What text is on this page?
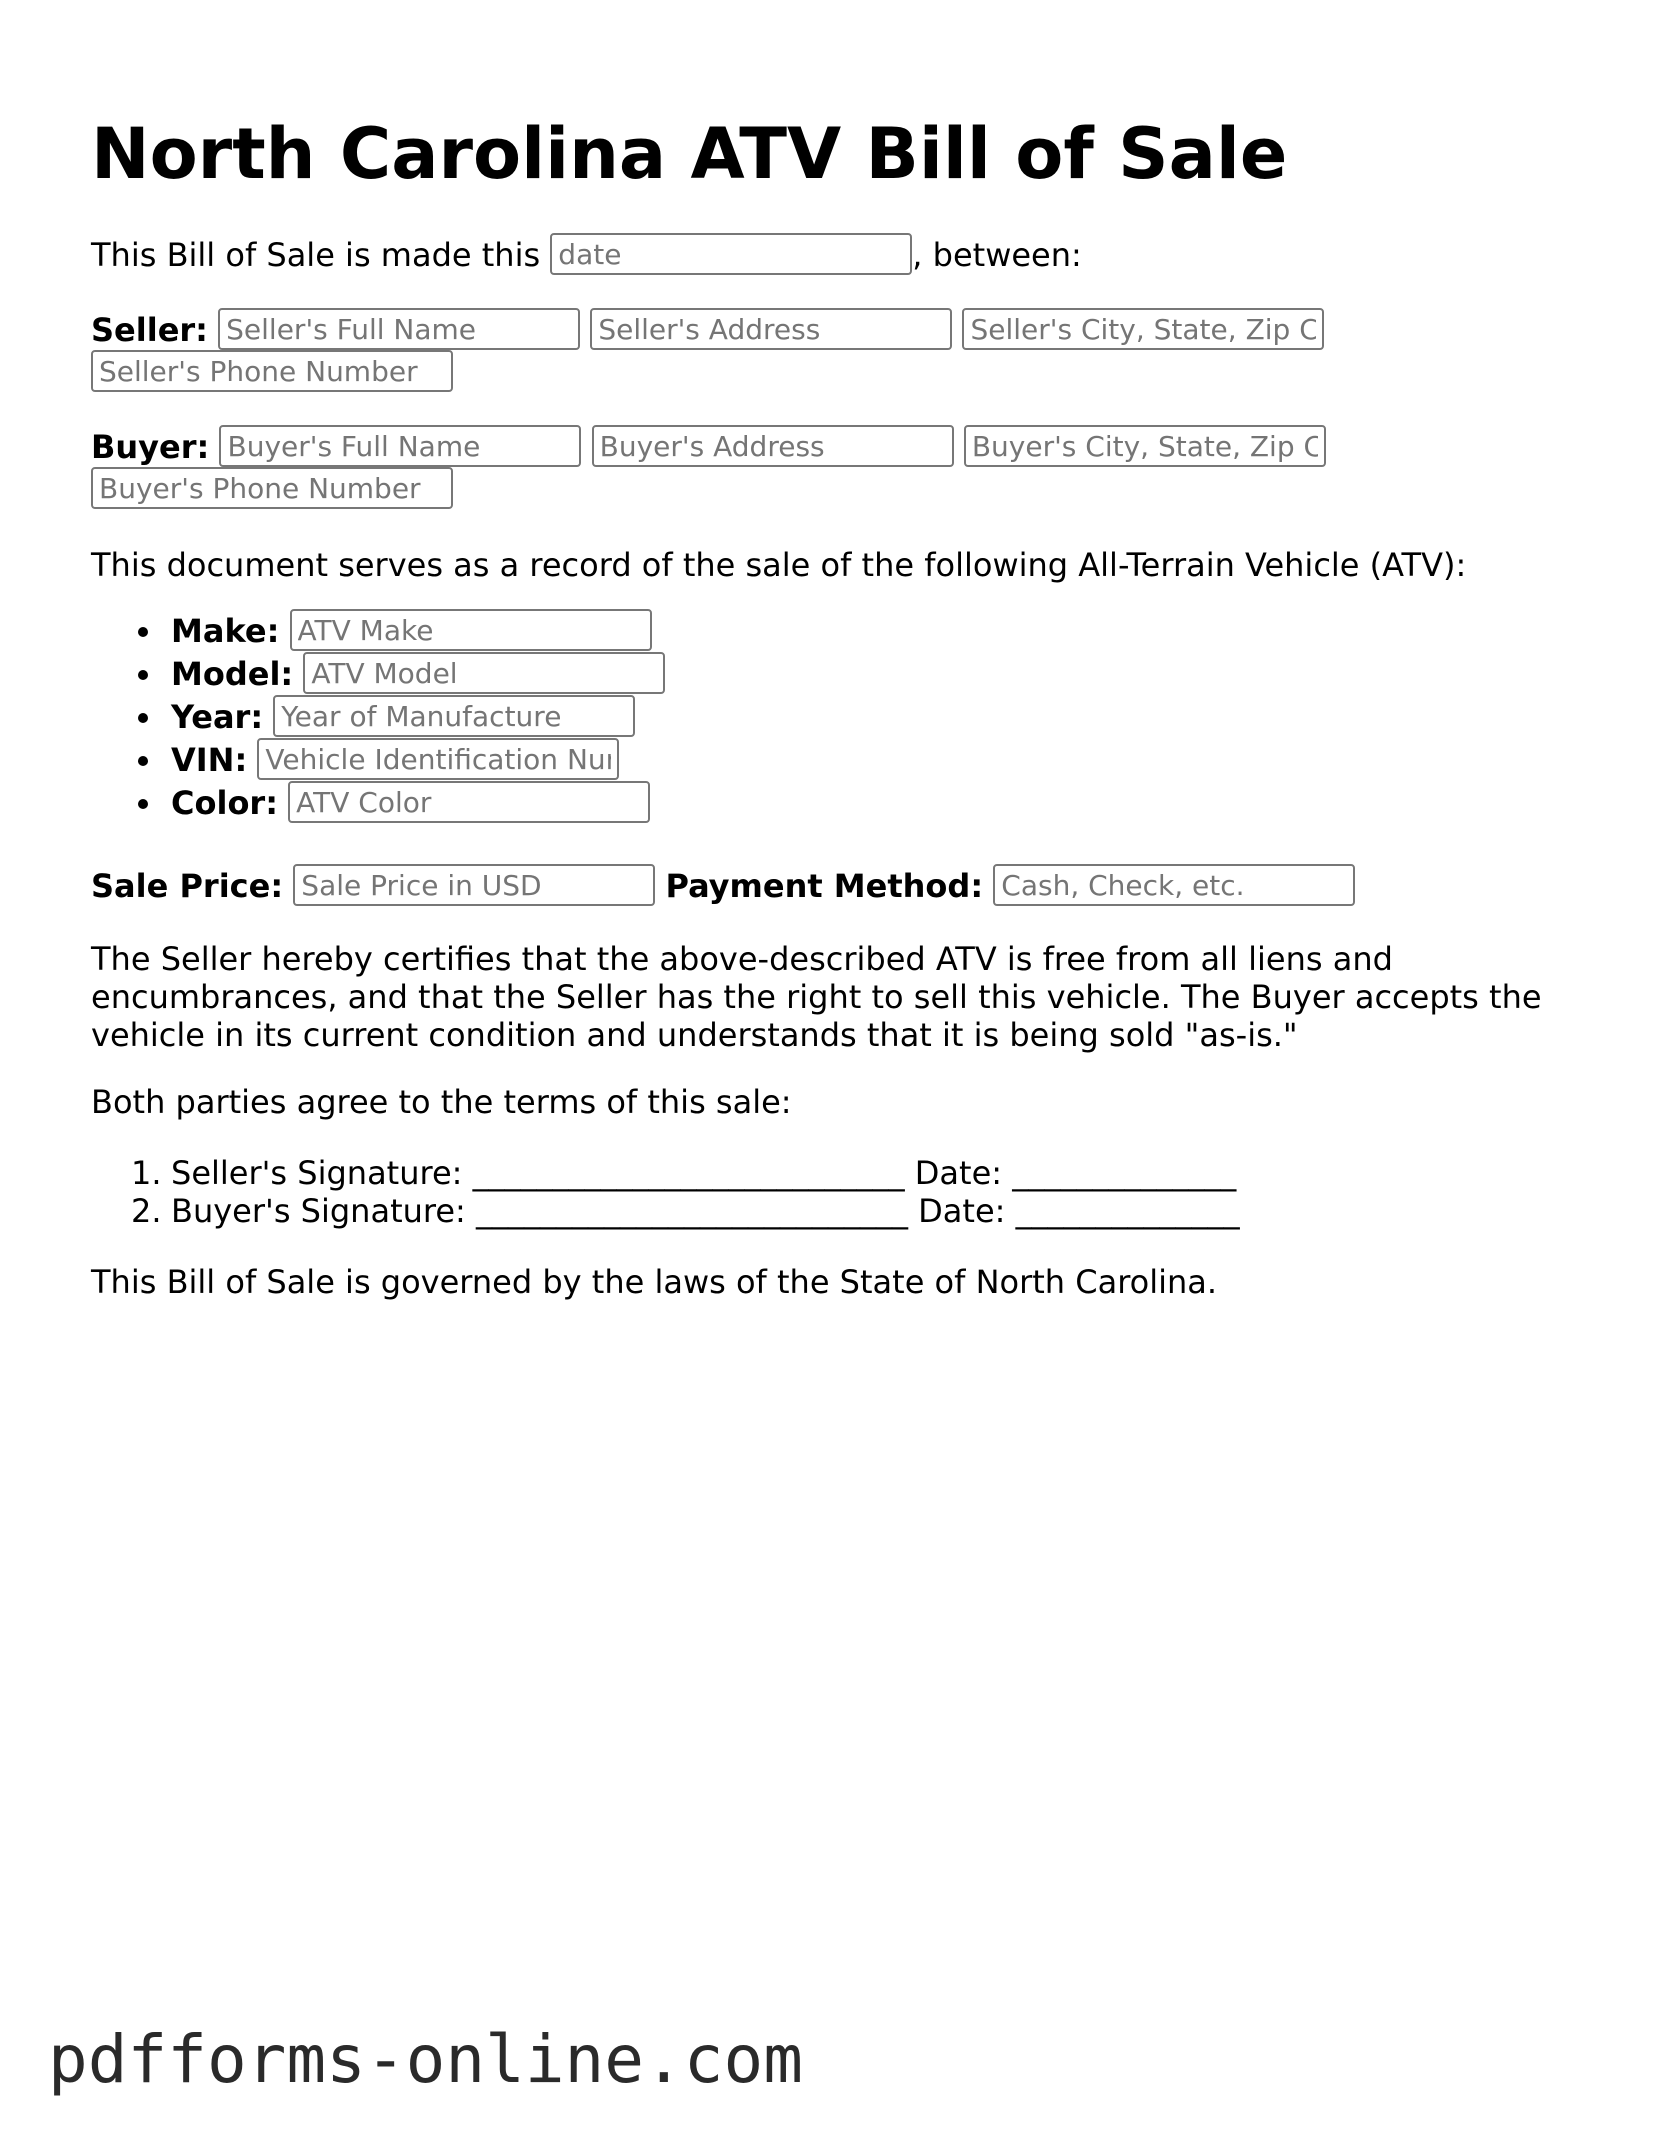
North Carolina ATV Bill of Sale
This Bill of Sale is made this date	, between:
Seller: Seller's Full Name Seller's Address Seller's City, State, Zip Code
Seller's Phone Number
Buyer: Buyer's Full Name Buyer's Address Buyer's City, State, Zip Code
Buyer's Phone Number

This document serves as a record of the sale of the following All-Terrain Vehicle (ATV):

Make: ATV Make
Model: ATV Model
Year: Year of Manufacture
VIN: Vehicle Identification Number
Color: ATV Color
Sale Price: Sale Price in USD	Payment Method: Cash, Check, etc.

The Seller hereby certifies that the above-described ATV is free from all liens and encumbrances, and that the Seller has the right to sell this vehicle. The Buyer accepts the vehicle in its current condition and understands that it is being sold "as-is."

Both parties agree to the terms of this sale:

1. Seller's Signature: ___________________________ Date: ______________
2. Buyer's Signature: ___________________________ Date: ______________

This Bill of Sale is governed by the laws of the State of North Carolina.

pdfforms-online.com
